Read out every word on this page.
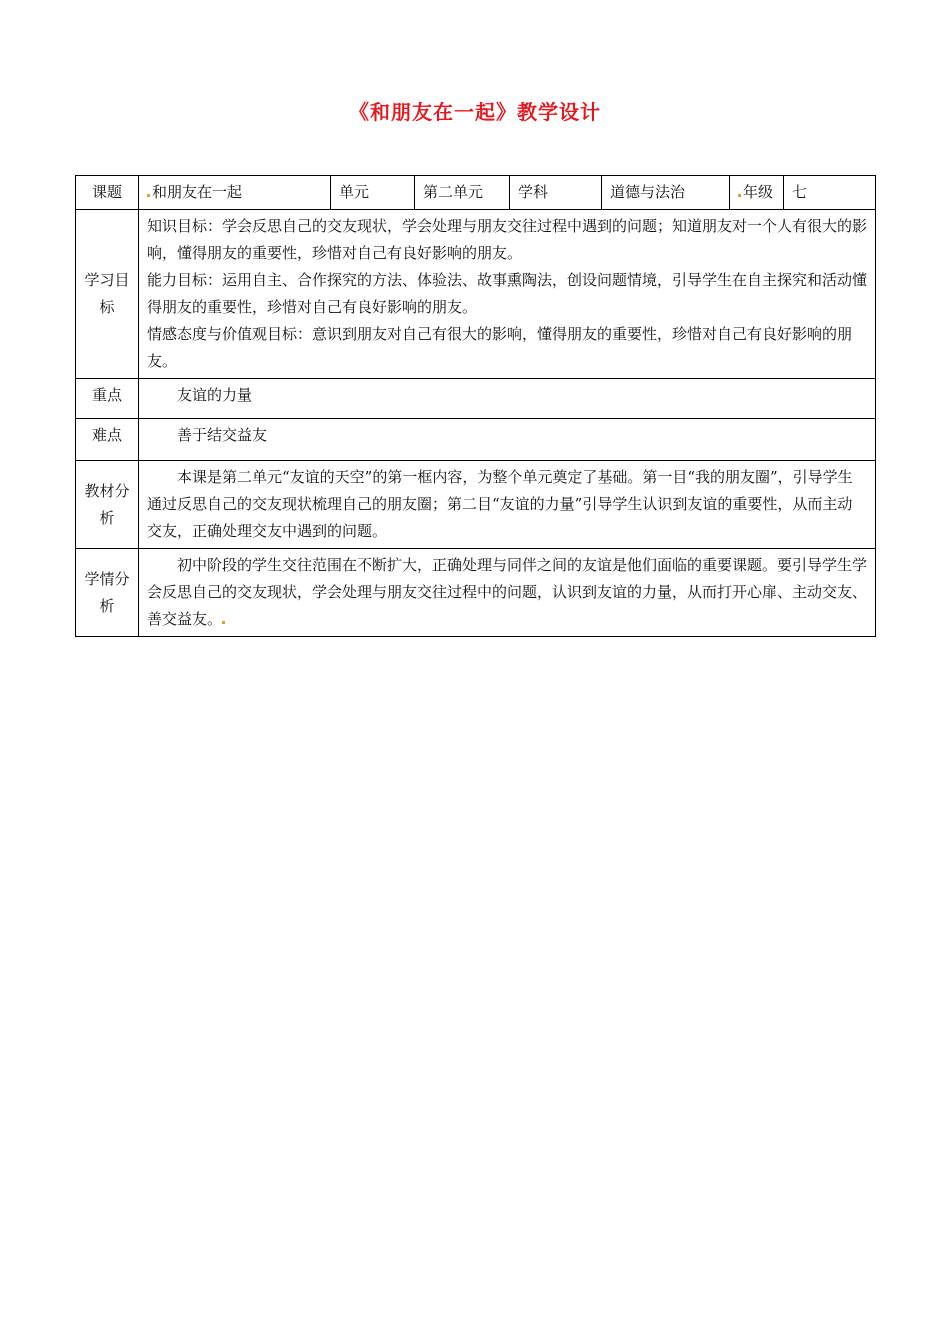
《和朋友在一起》教学设计
课题	和朋友在一起	单元	第二单元	学科	道德与法治	年级	七
学习目标	知识目标：学会反思自己的交友现状，学会处理与朋友交往过程中遇到的问题；知道朋友对一个人有很大的影响，懂得朋友的重要性，珍惜对自己有良好影响的朋友。

能力目标：运用自主、合作探究的方法、体验法、故事熏陶法，创设问题情境，引导学生在自主探究和活动懂得朋友的重要性，珍惜对自己有良好影响的朋友。

情感态度与价值观目标：意识到朋友对自己有很大的影响，懂得朋友的重要性，珍惜对自己有良好影响的朋友。						

重点	友谊的力量						
难点	善于结交益友						
教材分析	本课是第二单元“友谊的天空”的第一框内容，为整个单元奠定了基础。第一目“我的朋友圈”，引导学生通过反思自己的交友现状梳理自己的朋友圈；第二目“友谊的力量”引导学生认识到友谊的重要性，从而主动交友，正确处理交友中遇到的问题。						
学情分析	初中阶段的学生交往范围在不断扩大，正确处理与同伴之间的友谊是他们面临的重要课题。要引导学生学会反思自己的交友现状，学会处理与朋友交往过程中的问题，认识到友谊的力量，从而打开心扉、主动交友、善交益友。						
